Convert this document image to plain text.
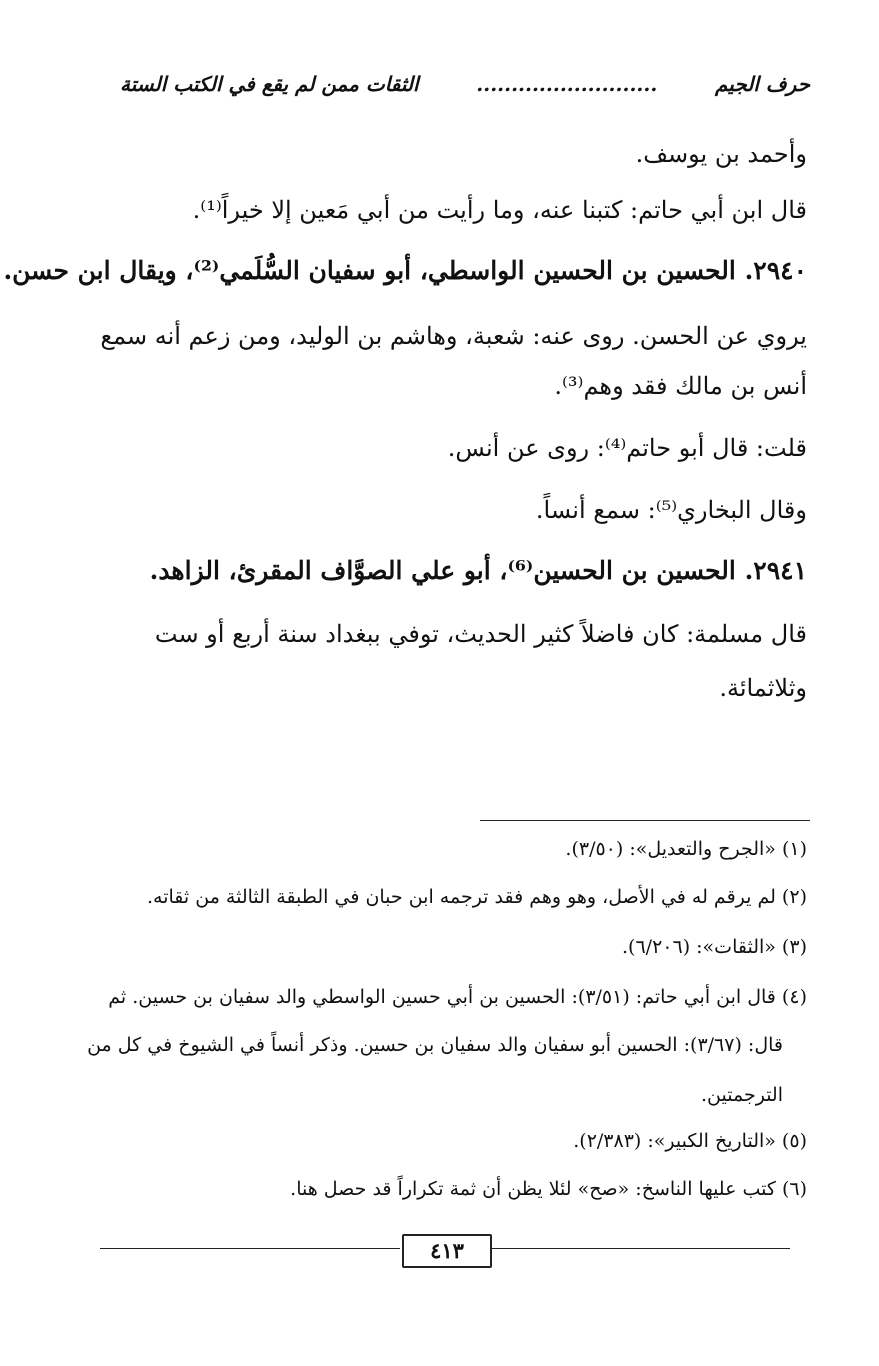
الثقات ممن لم يقع في الكتب الستة	..........................	حرف الجيم
وأحمد بن يوسف.
قال ابن أبي حاتم: كتبنا عنه، وما رأيت من أبي مَعين إلا خيراً⁽¹⁾.
٢٩٤٠. الحسين بن الحسين الواسطي، أبو سفيان السُّلَمي⁽²⁾، ويقال ابن حسن.
يروي عن الحسن. روى عنه: شعبة، وهاشم بن الوليد، ومن زعم أنه سمع
أنس بن مالك فقد وهم⁽³⁾.
قلت: قال أبو حاتم⁽⁴⁾: روى عن أنس.
وقال البخاري⁽⁵⁾: سمع أنساً.
٢٩٤١. الحسين بن الحسين⁽⁶⁾، أبو علي الصوَّاف المقرئ، الزاهد.
قال مسلمة: كان فاضلاً كثير الحديث، توفي ببغداد سنة أربع أو ست
وثلاثمائة.
(١) «الجرح والتعديل»: (٣/٥٠).
(٢) لم يرقم له في الأصل، وهو وهم فقد ترجمه ابن حبان في الطبقة الثالثة من ثقاته.
(٣) «الثقات»: (٦/٢٠٦).
(٤) قال ابن أبي حاتم: (٣/٥١): الحسين بن أبي حسين الواسطي والد سفيان بن حسين. ثم
قال: (٣/٦٧): الحسين أبو سفيان والد سفيان بن حسين. وذكر أنساً في الشيوخ في كل من
الترجمتين.
(٥) «التاريخ الكبير»: (٢/٣٨٣).
(٦) كتب عليها الناسخ: «صح» لئلا يظن أن ثمة تكراراً قد حصل هنا.
٤١٣
